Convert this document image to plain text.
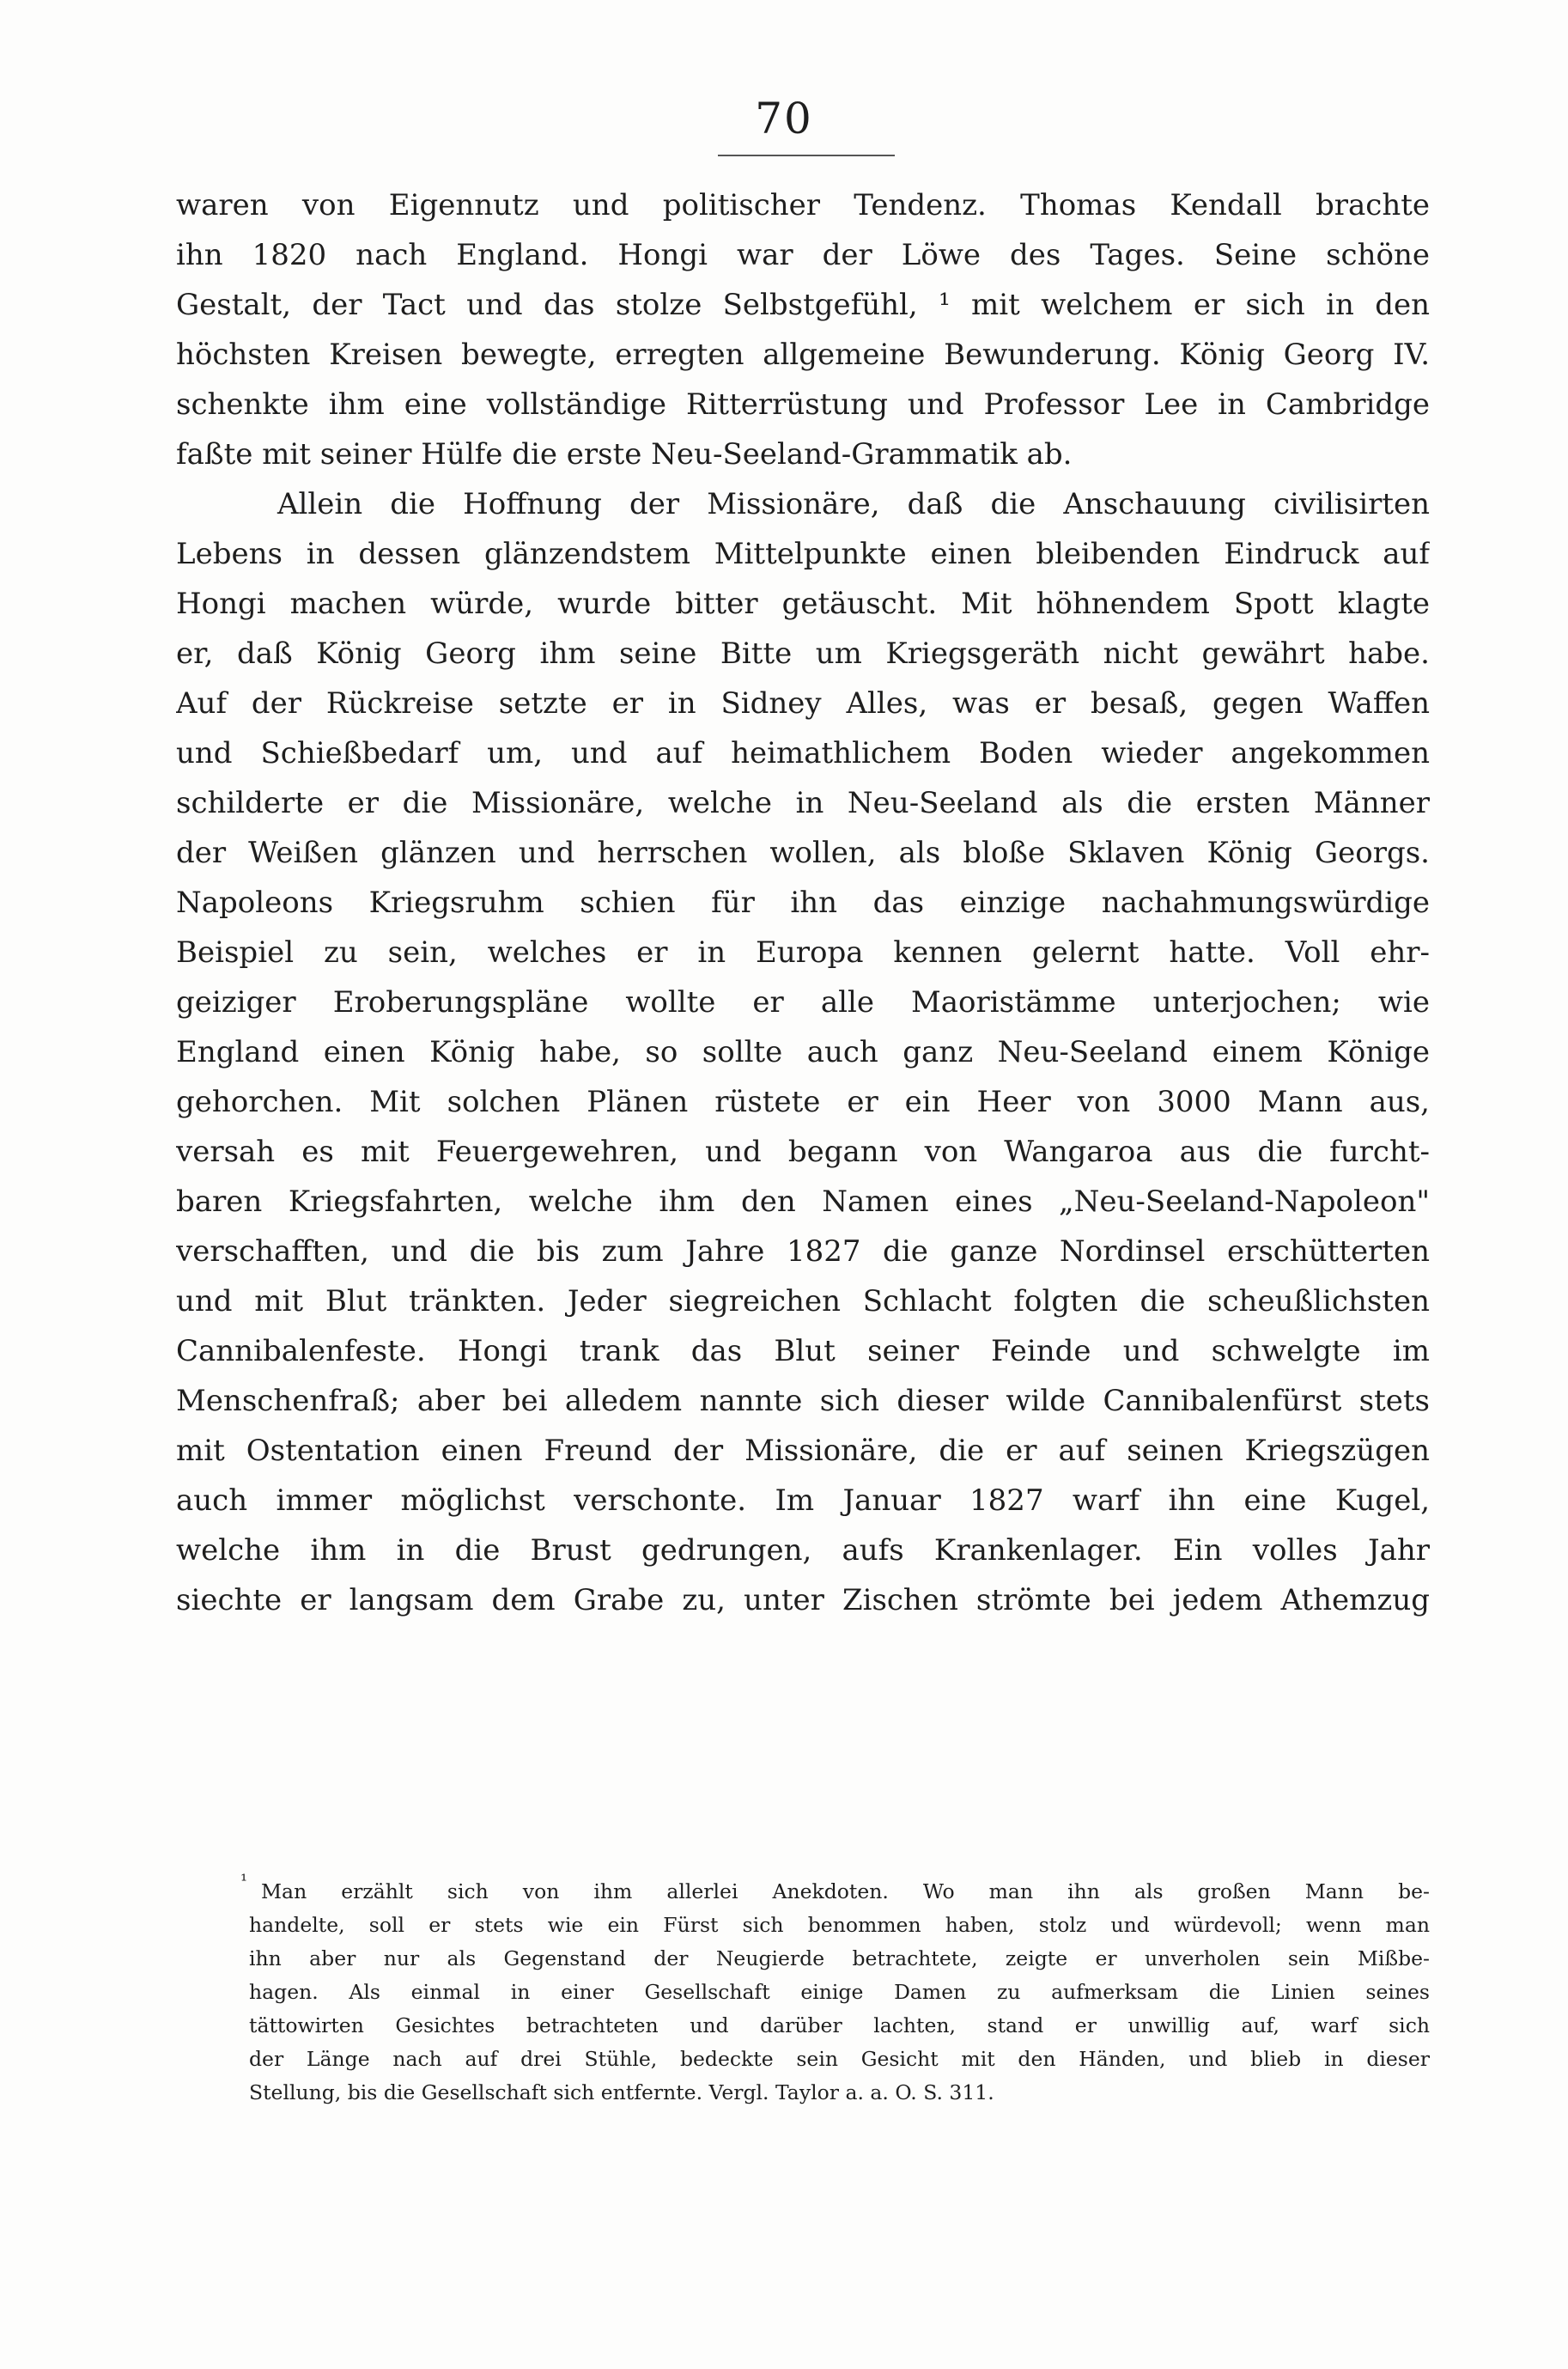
70
waren von Eigennutz und politischer Tendenz. Thomas Kendall brachte
ihn 1820 nach England. Hongi war der Löwe des Tages. Seine schöne
Gestalt, der Tact und das stolze Selbstgefühl, ¹ mit welchem er sich in den
höchsten Kreisen bewegte, erregten allgemeine Bewunderung. König Georg IV.
schenkte ihm eine vollständige Ritterrüstung und Professor Lee in Cambridge
faßte mit seiner Hülfe die erste Neu-Seeland-Grammatik ab.
Allein die Hoffnung der Missionäre, daß die Anschauung civilisirten
Lebens in dessen glänzendstem Mittelpunkte einen bleibenden Eindruck auf
Hongi machen würde, wurde bitter getäuscht. Mit höhnendem Spott klagte
er, daß König Georg ihm seine Bitte um Kriegsgeräth nicht gewährt habe.
Auf der Rückreise setzte er in Sidney Alles, was er besaß, gegen Waffen
und Schießbedarf um, und auf heimathlichem Boden wieder angekommen
schilderte er die Missionäre, welche in Neu-Seeland als die ersten Männer
der Weißen glänzen und herrschen wollen, als bloße Sklaven König Georgs.
Napoleons Kriegsruhm schien für ihn das einzige nachahmungswürdige
Beispiel zu sein, welches er in Europa kennen gelernt hatte. Voll ehr-
geiziger Eroberungspläne wollte er alle Maoristämme unterjochen; wie
England einen König habe, so sollte auch ganz Neu-Seeland einem Könige
gehorchen. Mit solchen Plänen rüstete er ein Heer von 3000 Mann aus,
versah es mit Feuergewehren, und begann von Wangaroa aus die furcht-
baren Kriegsfahrten, welche ihm den Namen eines „Neu-Seeland-Napoleon"
verschafften, und die bis zum Jahre 1827 die ganze Nordinsel erschütterten
und mit Blut tränkten. Jeder siegreichen Schlacht folgten die scheußlichsten
Cannibalenfeste. Hongi trank das Blut seiner Feinde und schwelgte im
Menschenfraß; aber bei alledem nannte sich dieser wilde Cannibalenfürst stets
mit Ostentation einen Freund der Missionäre, die er auf seinen Kriegszügen
auch immer möglichst verschonte. Im Januar 1827 warf ihn eine Kugel,
welche ihm in die Brust gedrungen, aufs Krankenlager. Ein volles Jahr
siechte er langsam dem Grabe zu, unter Zischen strömte bei jedem Athemzug
¹ Man erzählt sich von ihm allerlei Anekdoten. Wo man ihn als großen Mann be-
handelte, soll er stets wie ein Fürst sich benommen haben, stolz und würdevoll; wenn man
ihn aber nur als Gegenstand der Neugierde betrachtete, zeigte er unverholen sein Mißbe-
hagen. Als einmal in einer Gesellschaft einige Damen zu aufmerksam die Linien seines
tättowirten Gesichtes betrachteten und darüber lachten, stand er unwillig auf, warf sich
der Länge nach auf drei Stühle, bedeckte sein Gesicht mit den Händen, und blieb in dieser
Stellung, bis die Gesellschaft sich entfernte. Vergl. Taylor a. a. O. S. 311.
